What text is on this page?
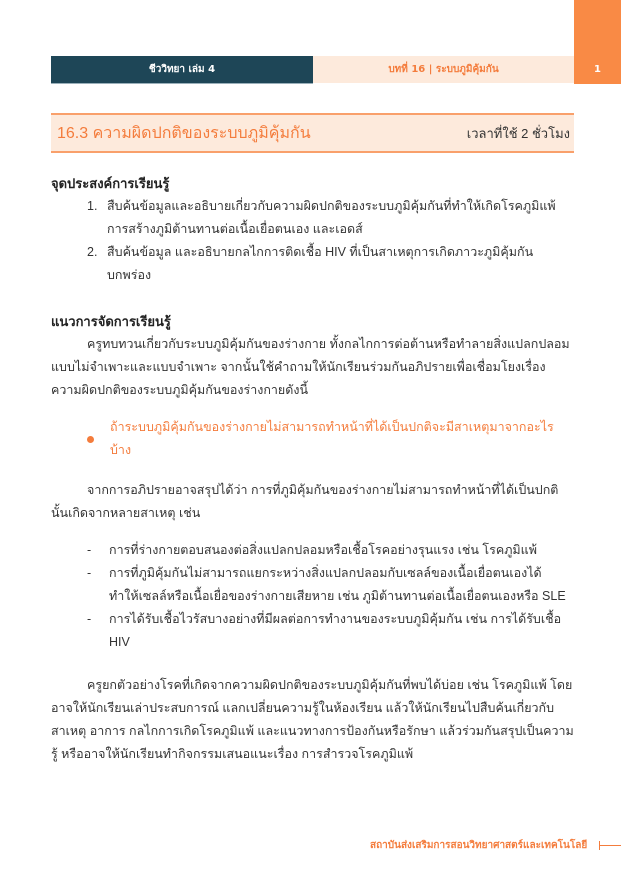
ชีววิทยา เล่ม 4	บทที่ 16 | ระบบภูมิคุ้มกัน	1
16.3 ความผิดปกติของระบบภูมิคุ้มกัน	เวลาที่ใช้ 2 ชั่วโมง
จุดประสงค์การเรียนรู้
1. สืบค้นข้อมูลและอธิบายเกี่ยวกับความผิดปกติของระบบภูมิคุ้มกันที่ทำให้เกิดโรคภูมิแพ้ การสร้างภูมิต้านทานต่อเนื้อเยื่อตนเอง และเอดส์
2. สืบค้นข้อมูล และอธิบายกลไกการติดเชื้อ HIV ที่เป็นสาเหตุการเกิดภาวะภูมิคุ้มกันบกพร่อง
แนวการจัดการเรียนรู้

ครูทบทวนเกี่ยวกับระบบภูมิคุ้มกันของร่างกาย ทั้งกลไกการต่อต้านหรือทำลายสิ่งแปลกปลอมแบบไม่จำเพาะและแบบจำเพาะ จากนั้นใช้คำถามให้นักเรียนร่วมกันอภิปรายเพื่อเชื่อมโยงเรื่องความผิดปกติของระบบภูมิคุ้มกันของร่างกายดังนี้

ถ้าระบบภูมิคุ้มกันของร่างกายไม่สามารถทำหน้าที่ได้เป็นปกติจะมีสาเหตุมาจากอะไรบ้าง

จากการอภิปรายอาจสรุปได้ว่า การที่ภูมิคุ้มกันของร่างกายไม่สามารถทำหน้าที่ได้เป็นปกตินั้นเกิดจากหลายสาเหตุ เช่น

-	การที่ร่างกายตอบสนองต่อสิ่งแปลกปลอมหรือเชื้อโรคอย่างรุนแรง เช่น โรคภูมิแพ้
-	การที่ภูมิคุ้มกันไม่สามารถแยกระหว่างสิ่งแปลกปลอมกับเซลล์ของเนื้อเยื่อตนเองได้ ทำให้เซลล์หรือเนื้อเยื่อของร่างกายเสียหาย เช่น ภูมิต้านทานต่อเนื้อเยื่อตนเองหรือ SLE
-	การได้รับเชื้อไวรัสบางอย่างที่มีผลต่อการทำงานของระบบภูมิคุ้มกัน เช่น การได้รับเชื้อ HIV

ครูยกตัวอย่างโรคที่เกิดจากความผิดปกติของระบบภูมิคุ้มกันที่พบได้บ่อย เช่น โรคภูมิแพ้ โดยอาจให้นักเรียนเล่าประสบการณ์ แลกเปลี่ยนความรู้ในห้องเรียน แล้วให้นักเรียนไปสืบค้นเกี่ยวกับสาเหตุ อาการ กลไกการเกิดโรคภูมิแพ้ และแนวทางการป้องกันหรือรักษา แล้วร่วมกันสรุปเป็นความรู้ หรืออาจให้นักเรียนทำกิจกรรมเสนอแนะเรื่อง การสำรวจโรคภูมิแพ้

สถาบันส่งเสริมการสอนวิทยาศาสตร์และเทคโนโลยี
